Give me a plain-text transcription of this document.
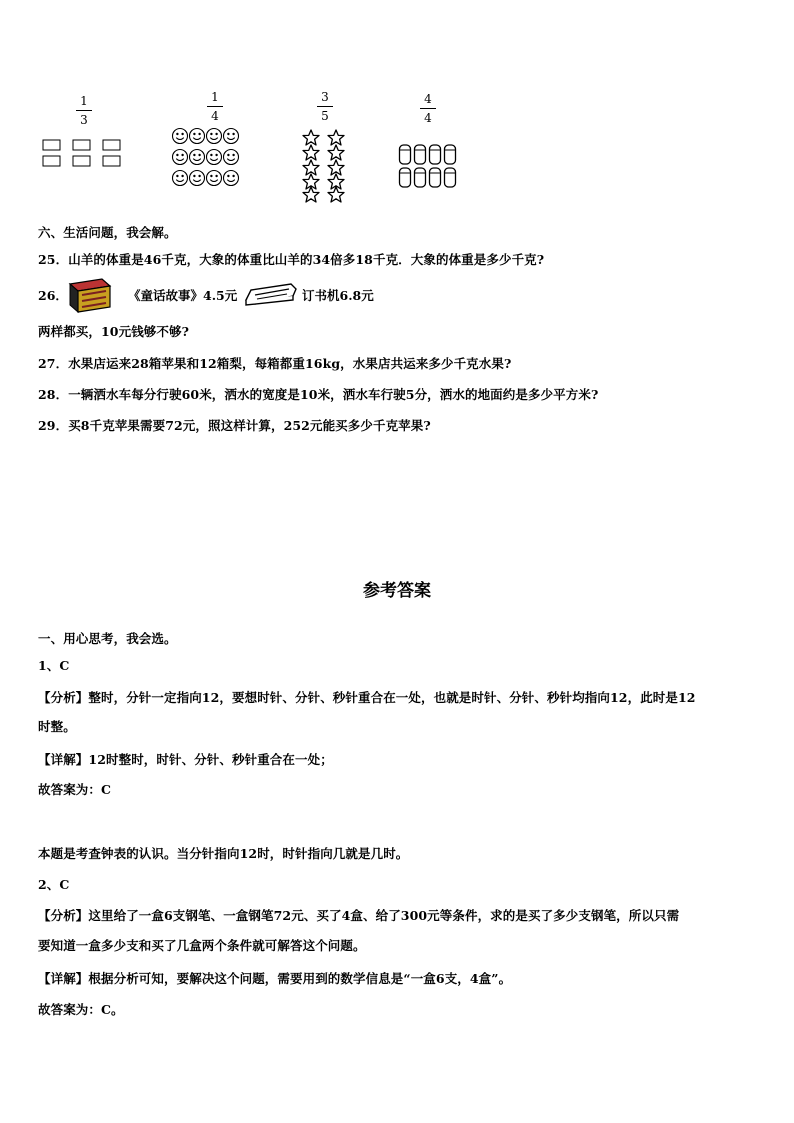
1
3
1
4
3
5
4
4
六、生活问题，我会解。
25．山羊的体重是46千克，大象的体重比山羊的34倍多18千克．大象的体重是多少千克?
26．	《童话故事》4.5元	订书机6.8元
两样都买，10元钱够不够?
27．水果店运来28箱苹果和12箱梨，每箱都重16kg，水果店共运来多少千克水果?
28．一辆洒水车每分行驶60米，洒水的宽度是10米，洒水车行驶5分，洒水的地面约是多少平方米?
29．买8千克苹果需要72元，照这样计算，252元能买多少千克苹果?
参考答案
一、用心思考，我会选。
1、C
【分析】整时，分针一定指向12，要想时针、分针、秒针重合在一处，也就是时针、分针、秒针均指向12，此时是12
时整。
【详解】12时整时，时针、分针、秒针重合在一处；
故答案为：C
本题是考查钟表的认识。当分针指向12时，时针指向几就是几时。
2、C
【分析】这里给了一盒6支钢笔、一盒钢笔72元、买了4盒、给了300元等条件，求的是买了多少支钢笔，所以只需
要知道一盒多少支和买了几盒两个条件就可解答这个问题。
【详解】根据分析可知，要解决这个问题，需要用到的数学信息是“一盒6支，4盒”。
故答案为：C。
